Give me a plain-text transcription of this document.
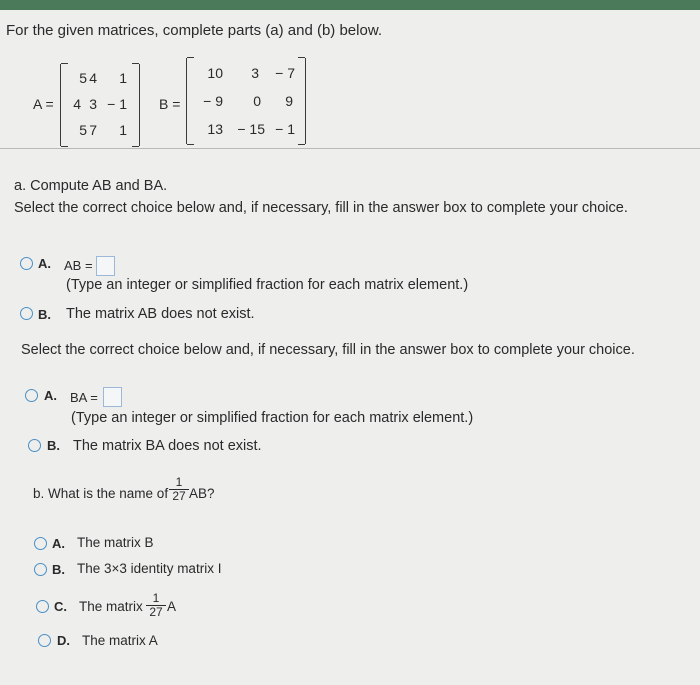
For the given matrices, complete parts (a) and (b) below.
A =
5 4	1
4 3 − 1
5 7	1
B =
10	3	− 7
− 9	0	9
13	− 15 − 1
a. Compute AB and BA.
Select the correct choice below and, if necessary, fill in the answer box to complete your choice.
A. AB =
(Type an integer or simplified fraction for each matrix element.)
B. The matrix AB does not exist.
Select the correct choice below and, if necessary, fill in the answer box to complete your choice.
A. BA =
(Type an integer or simplified fraction for each matrix element.)
B. The matrix BA does not exist.
b. What is the name of $\frac{1}{27}$ AB?
A. The matrix B
B. The 3×3 identity matrix I
C. The matrix $\frac{1}{27}$ A
D. The matrix A
